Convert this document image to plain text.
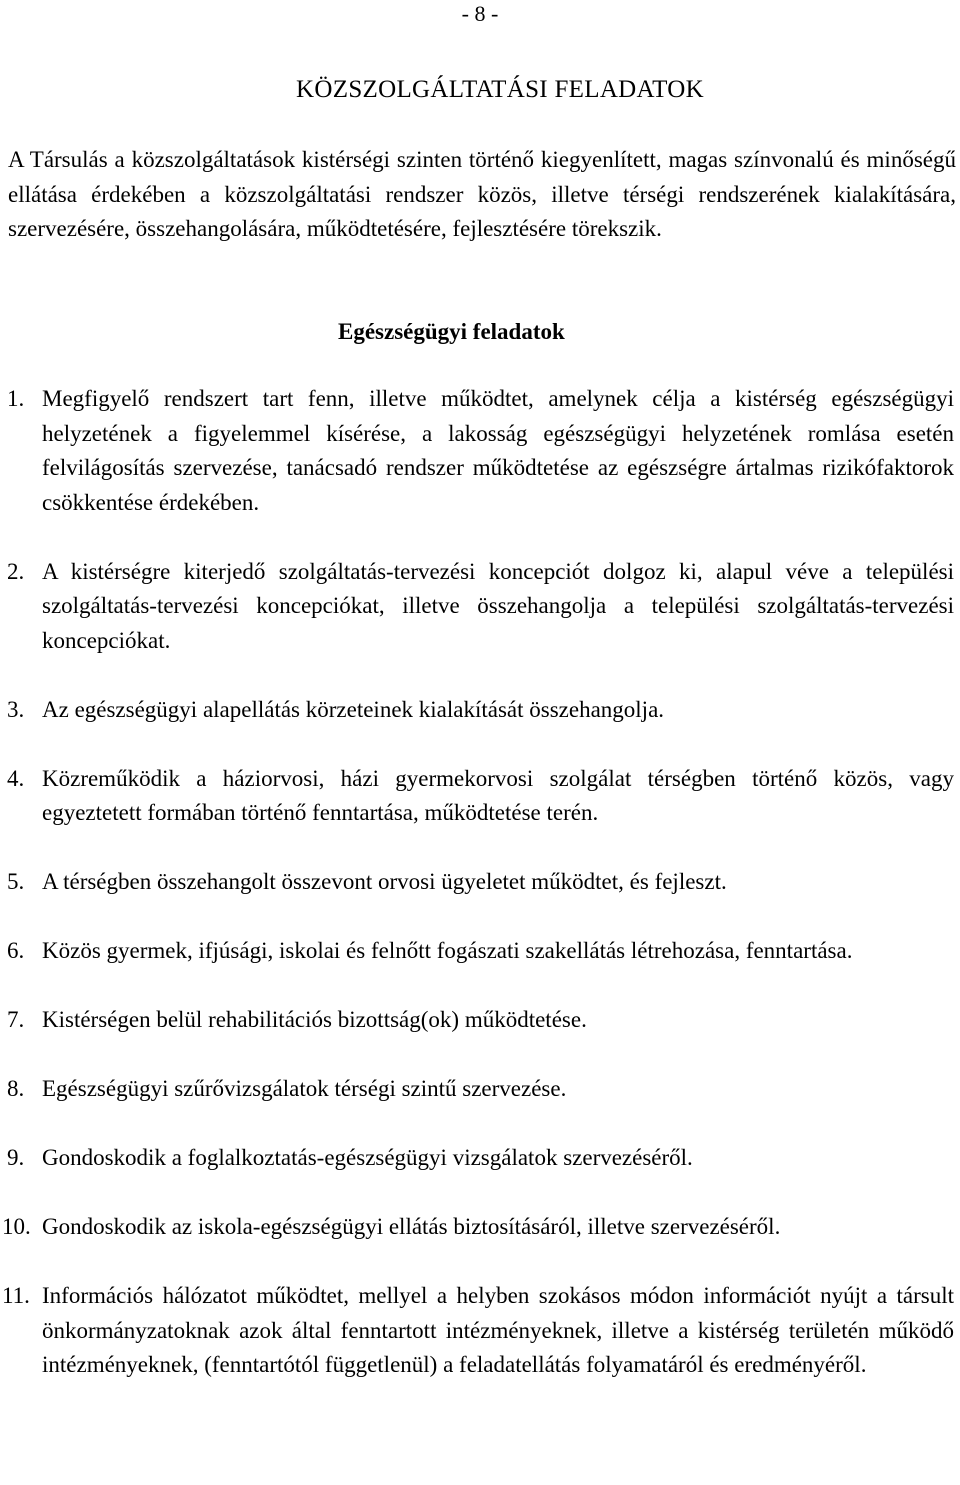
- 8 -
KÖZSZOLGÁLTATÁSI FELADATOK

A Társulás a közszolgáltatások kistérségi szinten történő kiegyenlített, magas színvonalú és minőségű ellátása érdekében a közszolgáltatási rendszer közös, illetve térségi rendszerének kialakítására, szervezésére, összehangolására, működtetésére, fejlesztésére törekszik.

Egészségügyi feladatok
1. Megfigyelő rendszert tart fenn, illetve működtet, amelynek célja a kistérség egészségügyi helyzetének a figyelemmel kísérése, a lakosság egészségügyi helyzetének romlása esetén felvilágosítás szervezése, tanácsadó rendszer működtetése az egészségre ártalmas rizikófaktorok csökkentése érdekében.
2. A kistérségre kiterjedő szolgáltatás-tervezési koncepciót dolgoz ki, alapul véve a települési szolgáltatás-tervezési koncepciókat, illetve összehangolja a települési szolgáltatás-tervezési koncepciókat.
3. Az egészségügyi alapellátás körzeteinek kialakítását összehangolja.
4. Közreműködik a háziorvosi, házi gyermekorvosi szolgálat térségben történő közös, vagy egyeztetett formában történő fenntartása, működtetése terén.
5. A térségben összehangolt összevont orvosi ügyeletet működtet, és fejleszt.
6. Közös gyermek, ifjúsági, iskolai és felnőtt fogászati szakellátás létrehozása, fenntartása.
7. Kistérségen belül rehabilitációs bizottság(ok) működtetése.
8. Egészségügyi szűrővizsgálatok térségi szintű szervezése.
9. Gondoskodik a foglalkoztatás-egészségügyi vizsgálatok szervezéséről.
10. Gondoskodik az iskola-egészségügyi ellátás biztosításáról, illetve szervezéséről.
11. Információs hálózatot működtet, mellyel a helyben szokásos módon információt nyújt a társult önkormányzatoknak azok által fenntartott intézményeknek, illetve a kistérség területén működő intézményeknek, (fenntartótól függetlenül) a feladatellátás folyamatáról és eredményéről.
